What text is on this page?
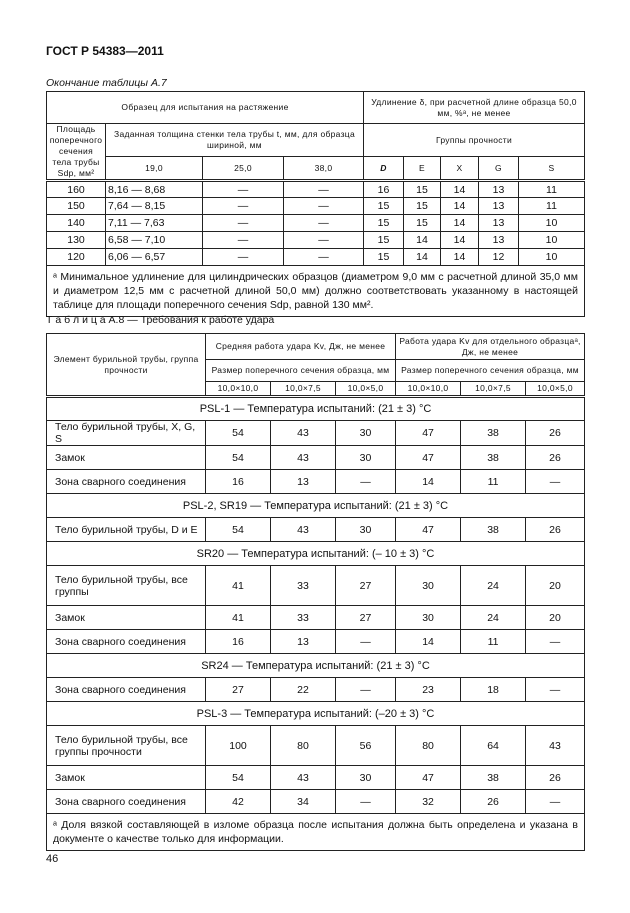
ГОСТ Р 54383—2011
Окончание таблицы А.7
Образец для испытания на растяжение				Удлинение δ, при расчетной длине образца 50,0 мм, %ᵃ, не менее				
Площадь поперечного сечения тела трубы Sdp, мм²	Заданная толщина стенки тела трубы t, мм, для образца шириной, мм			Группы прочности				
	19,0	25,0	38,0	D	E	X	G	S
160	8,16 — 8,68	—	—	16	15	14	13	11
150	7,64 — 8,15	—	—	15	15	14	13	11
140	7,11 — 7,63	—	—	15	15	14	13	10
130	6,58 — 7,10	—	—	15	14	14	13	10
120	6,06 — 6,57	—	—	15	14	14	12	10
ᵃ Минимальное удлинение для цилиндрических образцов (диаметром 9,0 мм с расчетной длиной 35,0 мм и диаметром 12,5 мм с расчетной длиной 50,0 мм) должно соответствовать указанному в настоящей таблице для площади поперечного сечения Sdp, равной 130 мм².								
Т а б л и ц а А.8 — Требования к работе удара
Элемент бурильной трубы, группа прочности	Средняя работа удара Kv, Дж, не менее			Работа удара Kv для отдельного образцаᵃ, Дж, не менее		
	Размер поперечного сечения образца, мм			Размер поперечного сечения образца, мм		
	10,0×10,0	10,0×7,5	10,0×5,0	10,0×10,0	10,0×7,5	10,0×5,0
PSL-1 — Температура испытаний: (21 ± 3) °C						
Тело бурильной трубы, X, G, S	54	43	30	47	38	26
Замок	54	43	30	47	38	26
Зона сварного соединения	16	13	—	14	11	—
PSL-2, SR19 — Температура испытаний: (21 ± 3) °C						
Тело бурильной трубы, D и E	54	43	30	47	38	26
SR20 — Температура испытаний: (– 10 ± 3) °C						
Тело бурильной трубы, все группы	41	33	27	30	24	20
Замок	41	33	27	30	24	20
Зона сварного соединения	16	13	—	14	11	—
SR24 — Температура испытаний: (21 ± 3) °C						
Зона сварного соединения	27	22	—	23	18	—
PSL-3 — Температура испытаний: (–20 ± 3) °C						
Тело бурильной трубы, все группы прочности	100	80	56	80	64	43
Замок	54	43	30	47	38	26
Зона сварного соединения	42	34	—	32	26	—
ᵃ Доля вязкой составляющей в изломе образца после испытания должна быть определена и указана в документе о качестве только для информации.						
46
